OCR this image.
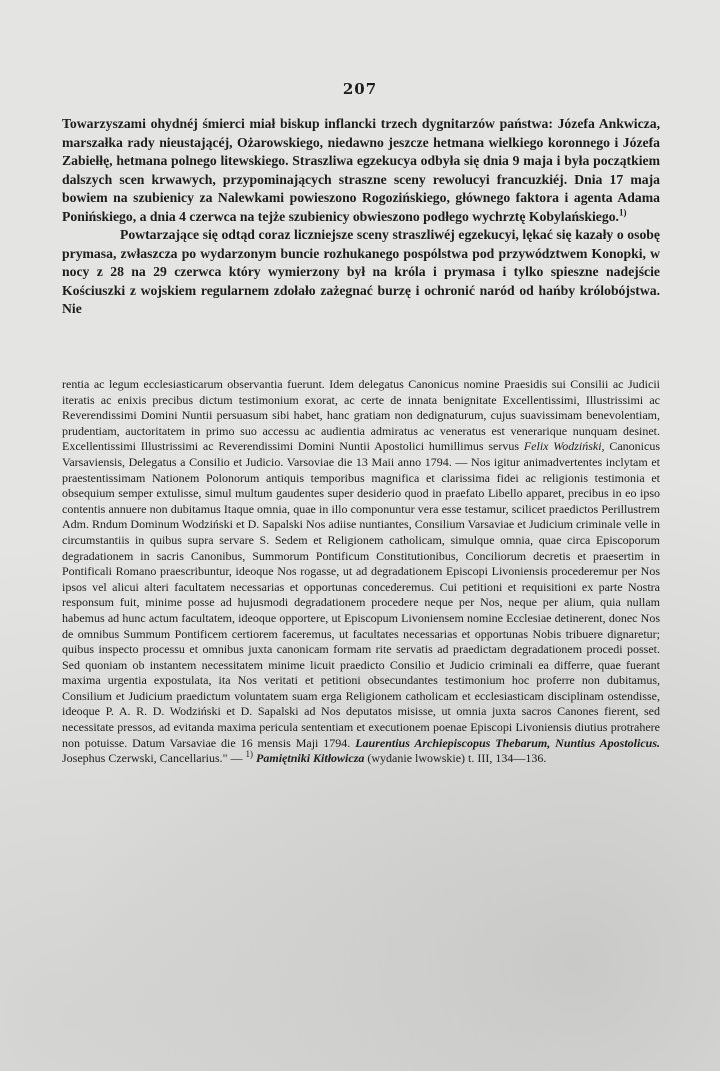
207

Towarzyszami ohydnéj śmierci miał biskup inflancki trzech dygnitarzów państwa: Józefa Ankwicza, marszałka rady nieustającéj, Ożarowskiego, niedawno jeszcze hetmana wielkiego koronnego i Józefa Zabiełłę, hetmana polnego litewskiego. Straszliwa egzekucya odbyła się dnia 9 maja i była początkiem dalszych scen krwawych, przypominających straszne sceny rewolucyi francuzkiéj. Dnia 17 maja bowiem na szubienicy za Nalewkami powieszono Rogozińskiego, głównego faktora i agenta Adama Ponińskiego, a dnia 4 czerwca na tejże szubienicy obwieszono podłego wychrztę Kobylańskiego.$^{1)}$

Powtarzające się odtąd coraz liczniejsze sceny straszliwéj egzekucyi, lękać się kazały o osobę prymasa, zwłaszcza po wydarzonym buncie rozhukanego pospólstwa pod przywództwem Konopki, w nocy z 28 na 29 czerwca który wymierzony był na króla i prymasa i tylko spieszne nadejście Kościuszki z wojskiem regularnem zdołało zażegnać burzę i ochronić naród od hańby królobójstwa. Nie

rentia ac legum ecclesiasticarum observantia fuerunt. Idem delegatus Canonicus nomine Praesidis sui Consilii ac Judicii iteratis ac enixis precibus dictum testimonium exorat, ac certe de innata benignitate Excellentissimi, Illustrissimi ac Reverendissimi Domini Nuntii persuasum sibi habet, hanc gratiam non dedignaturum, cujus suavissimam benevolentiam, prudentiam, auctoritatem in primo suo accessu ac audientia admiratus ac veneratus est venerarique nunquam desinet. Excellentissimi Illustrissimi ac Reverendissimi Domini Nuntii Apostolici humillimus servus Felix Wodziński, Canonicus Varsaviensis, Delegatus a Consilio et Judicio. Varsoviae die 13 Maii anno 1794. — Nos igitur animadvertentes inclytam et praestentissimam Nationem Polonorum antiquis temporibus magnifica et clarissima fidei ac religionis testimonia et obsequium semper extulisse, simul multum gaudentes super desiderio quod in praefato Libello apparet, precibus in eo ipso contentis annuere non dubitamus Itaque omnia, quae in illo componuntur vera esse testamur, scilicet praedictos Perillustrem Adm. Rndum Dominum Wodziński et D. Sapalski Nos adiise nuntiantes, Consilium Varsaviae et Judicium criminale velle in circumstantiis in quibus supra servare S. Sedem et Religionem catholicam, simulque omnia, quae circa Episcoporum degradationem in sacris Canonibus, Summorum Pontificum Constitutionibus, Conciliorum decretis et praesertim in Pontificali Romano praescribuntur, ideoque Nos rogasse, ut ad degradationem Episcopi Livoniensis procederemur per Nos ipsos vel alicui alteri facultatem necessarias et opportunas concederemus. Cui petitioni et requisitioni ex parte Nostra responsum fuit, minime posse ad hujusmodi degradationem procedere neque per Nos, neque per alium, quia nullam habemus ad hunc actum facultatem, ideoque opportere, ut Episcopum Livoniensem nomine Ecclesiae detinerent, donec Nos de omnibus Summum Pontificem certiorem faceremus, ut facultates necessarias et opportunas Nobis tribuere dignaretur; quibus inspecto processu et omnibus juxta canonicam formam rite servatis ad praedictam degradationem procedi posset. Sed quoniam ob instantem necessitatem minime licuit praedicto Consilio et Judicio criminali ea differre, quae fuerant maxima urgentia expostulata, ita Nos veritati et petitioni obsecundantes testimonium hoc proferre non dubitamus, Consilium et Judicium praedictum voluntatem suam erga Religionem catholicam et ecclesiasticam disciplinam ostendisse, ideoque P. A. R. D. Wodziński et D. Sapalski ad Nos deputatos misisse, ut omnia juxta sacros Canones fierent, sed necessitate pressos, ad evitanda maxima pericula sententiam et executionem poenae Episcopi Livoniensis diutius protrahere non potuisse. Datum Varsaviae die 16 mensis Maji 1794. Laurentius Archiepiscopus Thebarum, Nuntius Apostolicus. Josephus Czerwski, Cancellarius." — $^{1)}$ Pamiętniki Kitłowicza (wydanie lwowskie) t. III, 134—136.
